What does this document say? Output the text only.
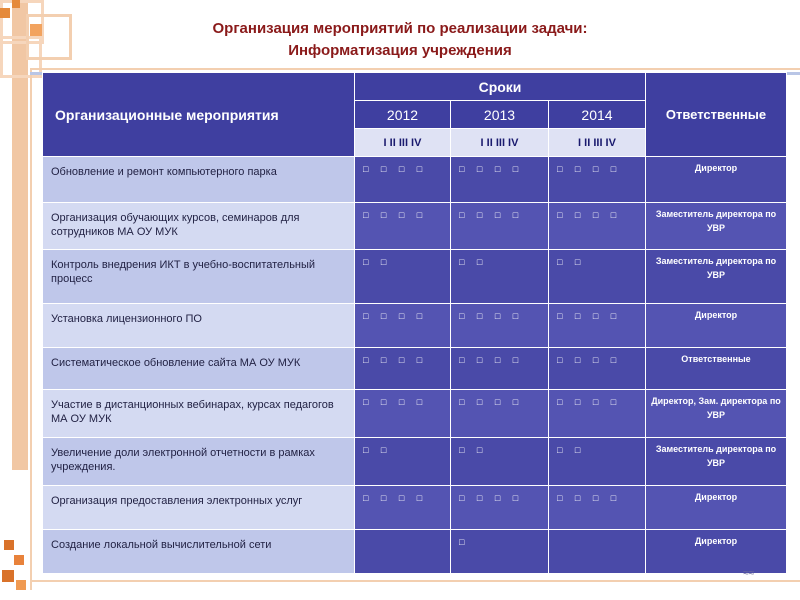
Организация мероприятий по реализации задачи:
Информатизация учреждения
Организационные мероприятия	Сроки			Ответственные
	2012	2013	2014	
	I II III IV	I II III IV	I II III IV	
Обновление и ремонт компьютерного парка	□ □ □ □	□ □ □ □	□ □ □ □	Директор
Организация обучающих курсов, семинаров для сотрудников МА ОУ МУК	□ □ □ □	□ □ □ □	□ □ □ □	Заместитель директора по УВР
Контроль внедрения ИКТ в учебно-воспитательный процесс	□ □	□ □	□ □	Заместитель директора по УВР
Установка лицензионного ПО	□ □ □ □	□ □ □ □	□ □ □ □	Директор
Систематическое обновление сайта МА ОУ МУК	□ □ □ □	□ □ □ □	□ □ □ □	Ответственные
Участие в дистанционных вебинарах, курсах педагогов МА ОУ МУК	□ □ □ □	□ □ □ □	□ □ □ □	Директор, Зам. директора по УВР
Увеличение доли электронной отчетности в рамках учреждения.	□ □	□ □	□ □	Заместитель директора по УВР
Организация предоставления электронных услуг	□ □ □ □	□ □ □ □	□ □ □ □	Директор
Создание локальной вычислительной сети		□		Директор
≈≈
